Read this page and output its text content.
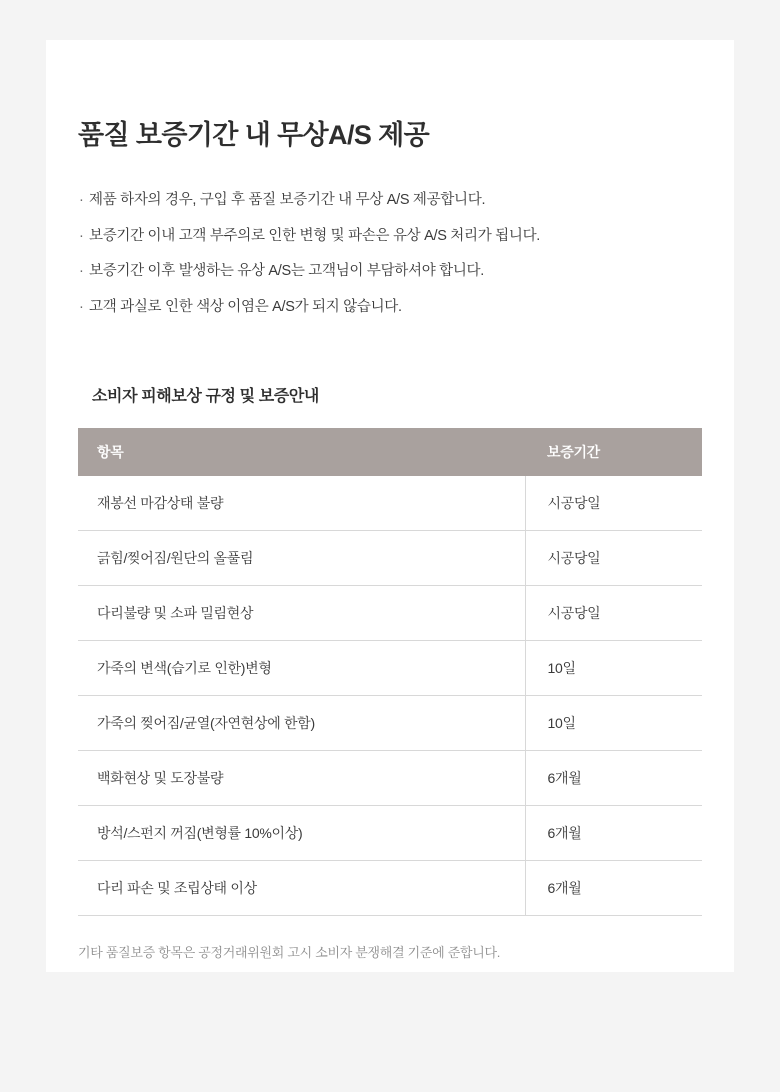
품질 보증기간 내 무상A/S 제공
· 제품 하자의 경우, 구입 후 품질 보증기간 내 무상 A/S 제공합니다.
· 보증기간 이내 고객 부주의로 인한 변형 및 파손은 유상 A/S 처리가 됩니다.
· 보증기간 이후 발생하는 유상 A/S는 고객님이 부담하셔야 합니다.
· 고객 과실로 인한 색상 이염은 A/S가 되지 않습니다.
소비자 피해보상 규정 및 보증안내
항목	보증기간
재봉선 마감상태 불량	시공당일
긁힘/찢어짐/원단의 올풀림	시공당일
다리불량 및 소파 밀림현상	시공당일
가죽의 변색(습기로 인한)변형	10일
가죽의 찢어짐/균열(자연현상에 한함)	10일
백화현상 및 도장불량	6개월
방석/스펀지 꺼짐(변형률 10%이상)	6개월
다리 파손 및 조립상태 이상	6개월

기타 품질보증 항목은 공정거래위원회 고시 소비자 분쟁해결 기준에 준합니다.
